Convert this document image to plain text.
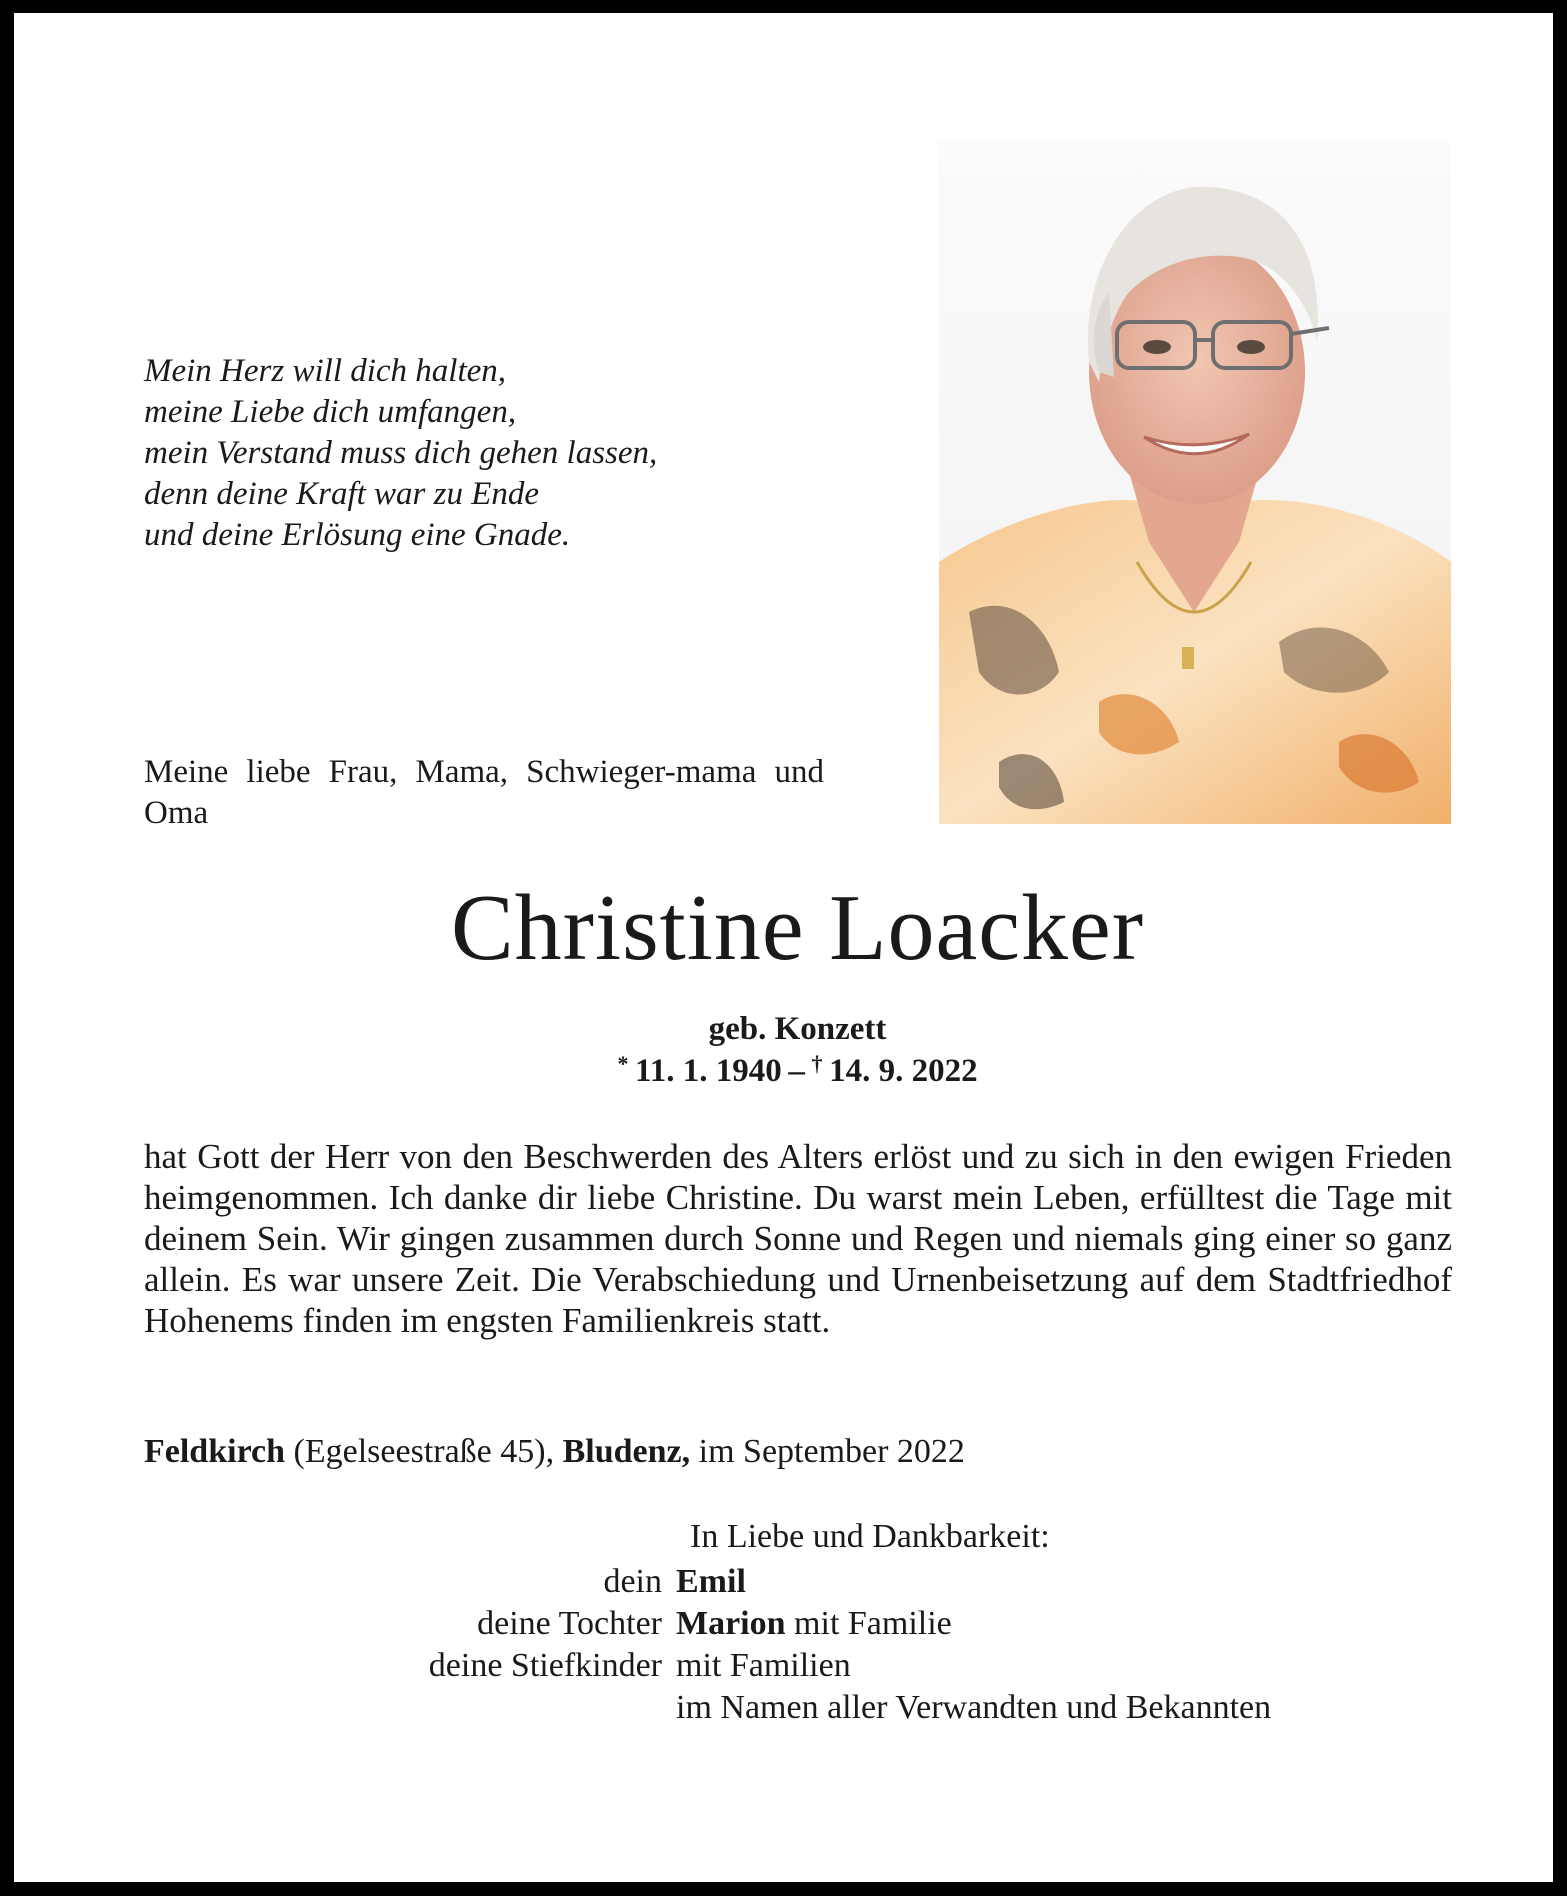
Mein Herz will dich halten,
meine Liebe dich umfangen,
mein Verstand muss dich gehen lassen,
denn deine Kraft war zu Ende
und deine Erlösung eine Gnade.
Meine liebe Frau, Mama, Schwieger-mama und Oma
Christine Loacker
geb. Konzett
*  11. 1. 1940  –  †  14. 9. 2022
hat Gott der Herr von den Beschwerden des Alters erlöst und zu sich in den ewigen Frieden heimgenommen. Ich danke dir liebe Christine. Du warst mein Leben, erfülltest die Tage mit deinem Sein. Wir gingen zusammen durch Sonne und Regen und niemals ging einer so ganz allein. Es war unsere Zeit. Die Verabschiedung und Urnenbeisetzung auf dem Stadtfriedhof Hohenems finden im engsten Familienkreis statt.
Feldkirch (Egelseestraße 45), Bludenz, im September 2022
In Liebe und Dankbarkeit:
dein Emil
deine Tochter Marion mit Familie
deine Stiefkinder mit Familien
im Namen aller Verwandten und Bekannten
